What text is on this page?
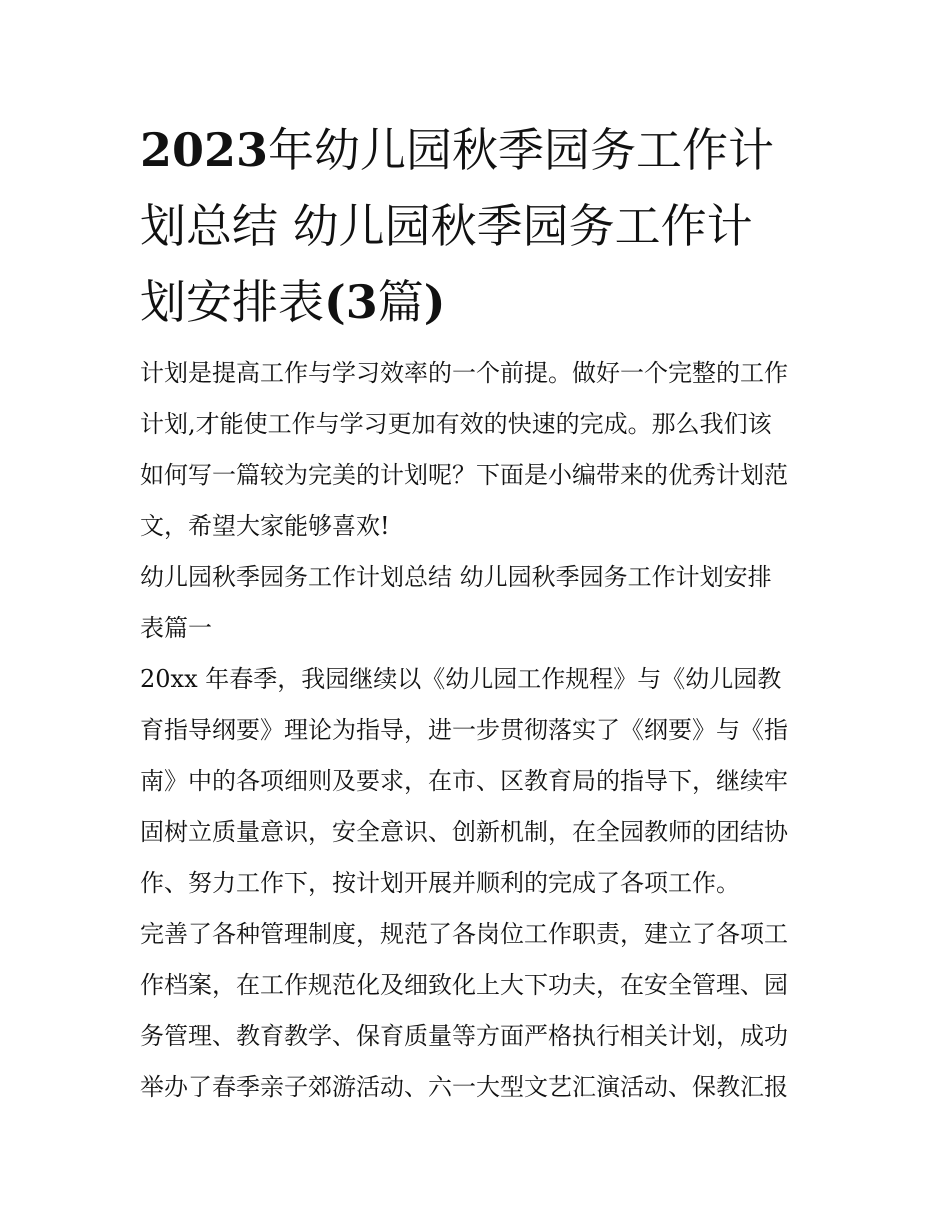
2023年幼儿园秋季园务工作计
划总结 幼儿园秋季园务工作计
划安排表(3篇)

计划是提高工作与学习效率的一个前提。做好一个完整的工作
计划,才能使工作与学习更加有效的快速的完成。那么我们该
如何写一篇较为完美的计划呢？下面是小编带来的优秀计划范
文，希望大家能够喜欢!

幼儿园秋季园务工作计划总结 幼儿园秋季园务工作计划安排
表篇一

20xx 年春季，我园继续以《幼儿园工作规程》与《幼儿园教
育指导纲要》理论为指导，进一步贯彻落实了《纲要》与《指
南》中的各项细则及要求，在市、区教育局的指导下，继续牢
固树立质量意识，安全意识、创新机制，在全园教师的团结协
作、努力工作下，按计划开展并顺利的完成了各项工作。

完善了各种管理制度，规范了各岗位工作职责，建立了各项工
作档案，在工作规范化及细致化上大下功夫，在安全管理、园
务管理、教育教学、保育质量等方面严格执行相关计划，成功
举办了春季亲子郊游活动、六一大型文艺汇演活动、保教汇报
